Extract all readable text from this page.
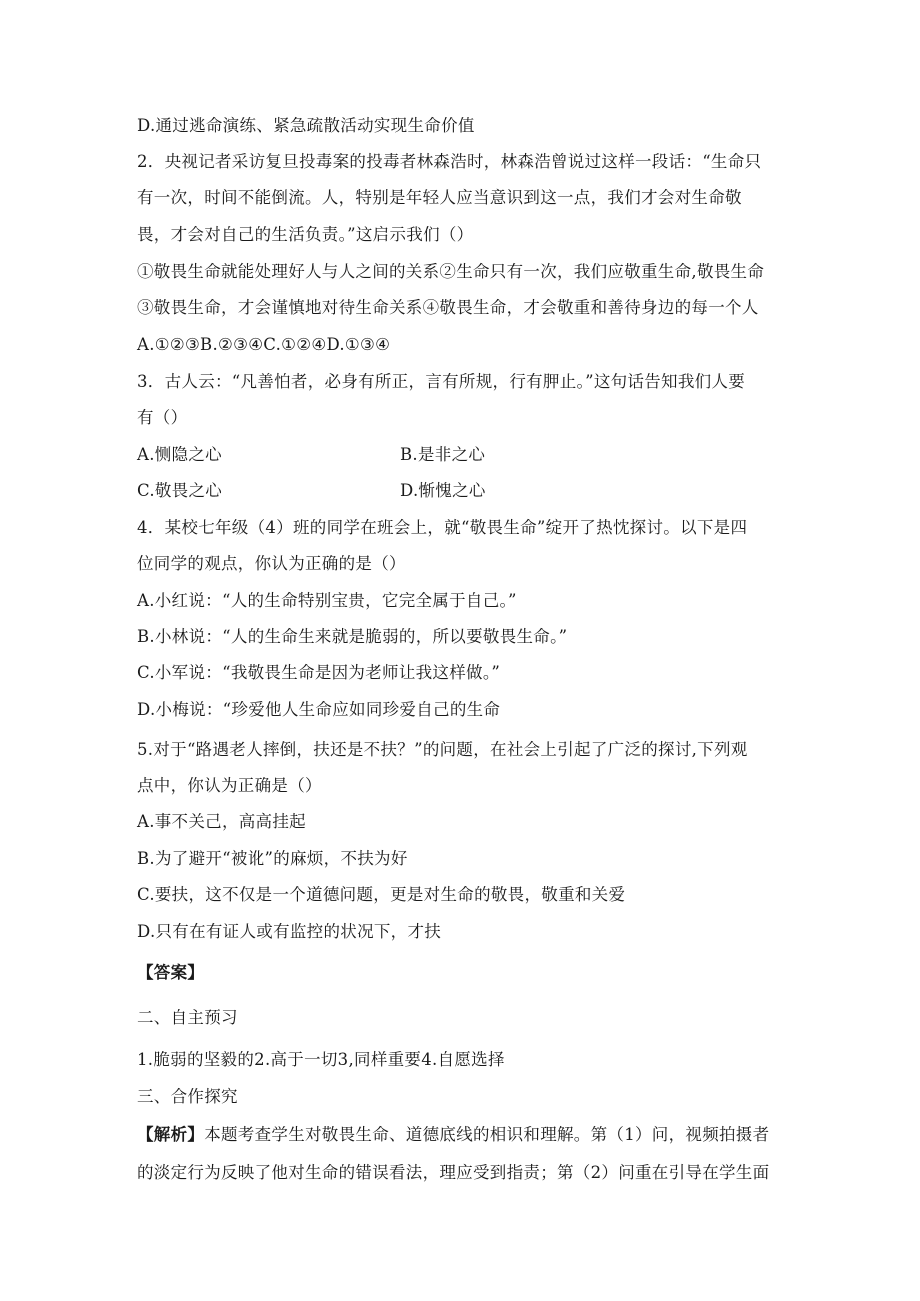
D.通过逃命演练、紧急疏散活动实现生命价值
2．央视记者采访复旦投毒案的投毒者林森浩时，林森浩曾说过这样一段话：“生命只
有一次，时间不能倒流。人，特别是年轻人应当意识到这一点，我们才会对生命敬
畏，才会对自己的生活负责。”这启示我们（）
①敬畏生命就能处理好人与人之间的关系②生命只有一次，我们应敬重生命,敬畏生命
③敬畏生命，才会谨慎地对待生命关系④敬畏生命，才会敬重和善待身边的每一个人
A.①②③B.②③④C.①②④D.①③④
3．古人云：“凡善怕者，必身有所正，言有所规，行有胛止。”这句话告知我们人要
有（）
A.恻隐之心	B.是非之心
C.敬畏之心	D.惭愧之心
4．某校七年级（4）班的同学在班会上，就“敬畏生命”绽开了热忱探讨。以下是四
位同学的观点，你认为正确的是（）
A.小红说：“人的生命特别宝贵，它完全属于自己。”
B.小林说：“人的生命生来就是脆弱的，所以要敬畏生命。”
C.小军说：“我敬畏生命是因为老师让我这样做。”
D.小梅说：“珍爱他人生命应如同珍爱自己的生命
5.对于“路遇老人摔倒，扶还是不扶？”的问题，在社会上引起了广泛的探讨,下列观
点中，你认为正确是（）
A.事不关己，高高挂起
B.为了避开“被讹”的麻烦，不扶为好
C.要扶，这不仅是一个道德问题，更是对生命的敬畏，敬重和关爱
D.只有在有证人或有监控的状况下，才扶
【答案】
二、自主预习
1.脆弱的坚毅的2.高于一切3,同样重要4.自愿选择
三、合作探究
【解析】本题考查学生对敬畏生命、道德底线的相识和理解。第（1）问，视频拍摄者
的淡定行为反映了他对生命的错误看法，理应受到指责；第（2）问重在引导在学生面
